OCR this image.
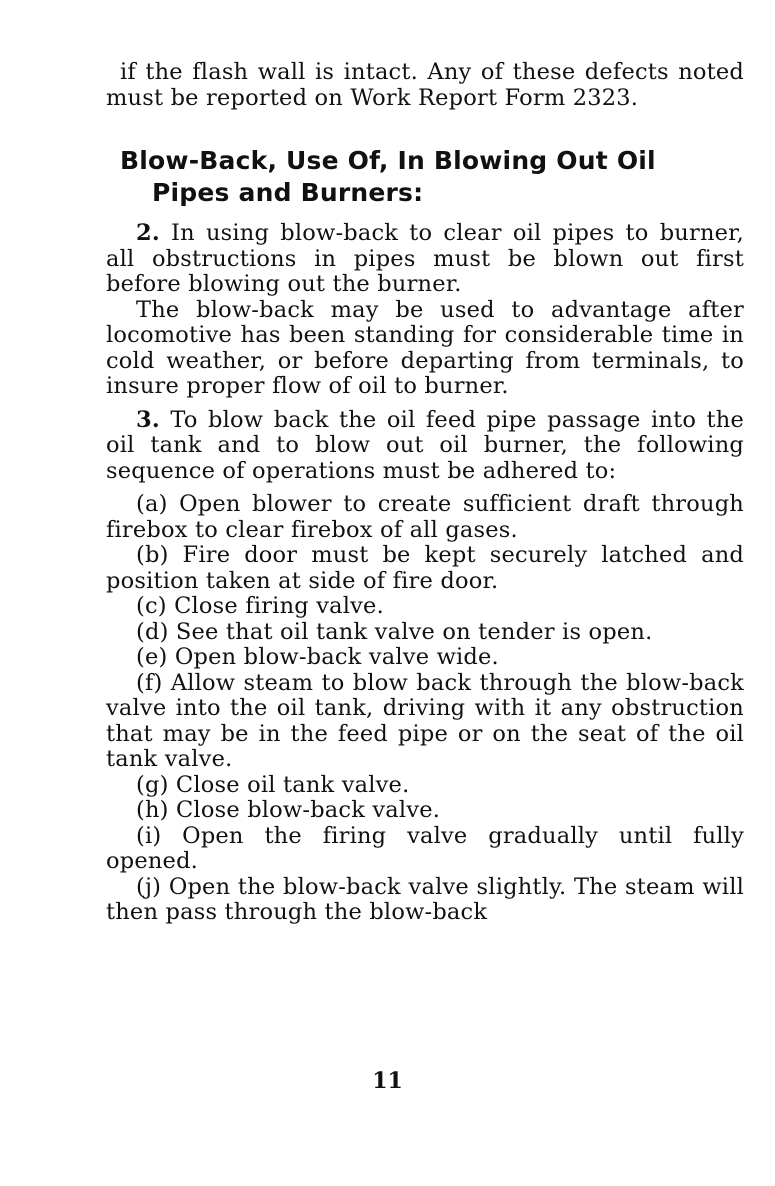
if the flash wall is intact. Any of these defects noted must be reported on Work Report Form 2323.

Blow-Back, Use Of, In Blowing Out Oil
Pipes and Burners:

2. In using blow-back to clear oil pipes to burner, all obstructions in pipes must be blown out first before blowing out the burner.

The blow-back may be used to advantage after locomotive has been standing for considerable time in cold weather, or before departing from terminals, to insure proper flow of oil to burner.

3. To blow back the oil feed pipe passage into the oil tank and to blow out oil burner, the following sequence of operations must be adhered to:

(a) Open blower to create sufficient draft through firebox to clear firebox of all gases.

(b) Fire door must be kept securely latched and position taken at side of fire door.

(c) Close firing valve.

(d) See that oil tank valve on tender is open.

(e) Open blow-back valve wide.

(f) Allow steam to blow back through the blow-back valve into the oil tank, driving with it any obstruction that may be in the feed pipe or on the seat of the oil tank valve.

(g) Close oil tank valve.

(h) Close blow-back valve.

(i) Open the firing valve gradually until fully opened.

(j) Open the blow-back valve slightly. The steam will then pass through the blow-back

11
